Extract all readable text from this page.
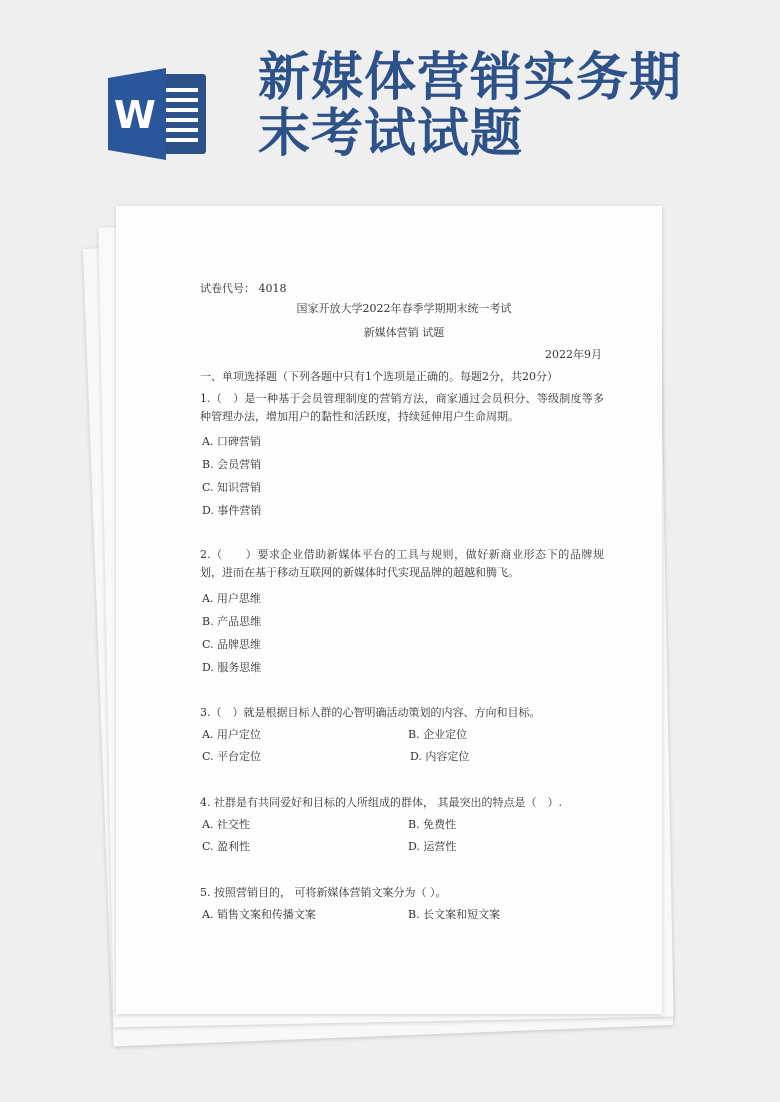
W
新媒体营销实务期
末考试试题

试卷代号： 4018

国家开放大学2022年春季学期期末统一考试

新媒体营销 试题

2022年9月

一、单项选择题（下列各题中只有1个选项是正确的。每题2分，共20分）

1.（　）是一种基于会员管理制度的营销方法，商家通过会员积分、等级制度等多种管理办法，增加用户的黏性和活跃度，持续延伸用户生命周期。

A. 口碑营销

B. 会员营销

C. 知识营销

D. 事件营销

2.（　　）要求企业借助新媒体平台的工具与规则，做好新商业形态下的品牌规划，进而在基于移动互联网的新媒体时代实现品牌的超越和腾飞。

A. 用户思维

B. 产品思维

C. 品牌思维

D. 服务思维

3.（　）就是根据目标人群的心智明确活动策划的内容、方向和目标。

A. 用户定位	B. 企业定位

C. 平台定位	D. 内容定位

4. 社群是有共同爱好和目标的人所组成的群体， 其最突出的特点是（　）.

A. 社交性	B. 免费性

C. 盈利性	D. 运营性

5. 按照营销目的， 可将新媒体营销文案分为（ ）。

A. 销售文案和传播文案	B. 长文案和短文案
